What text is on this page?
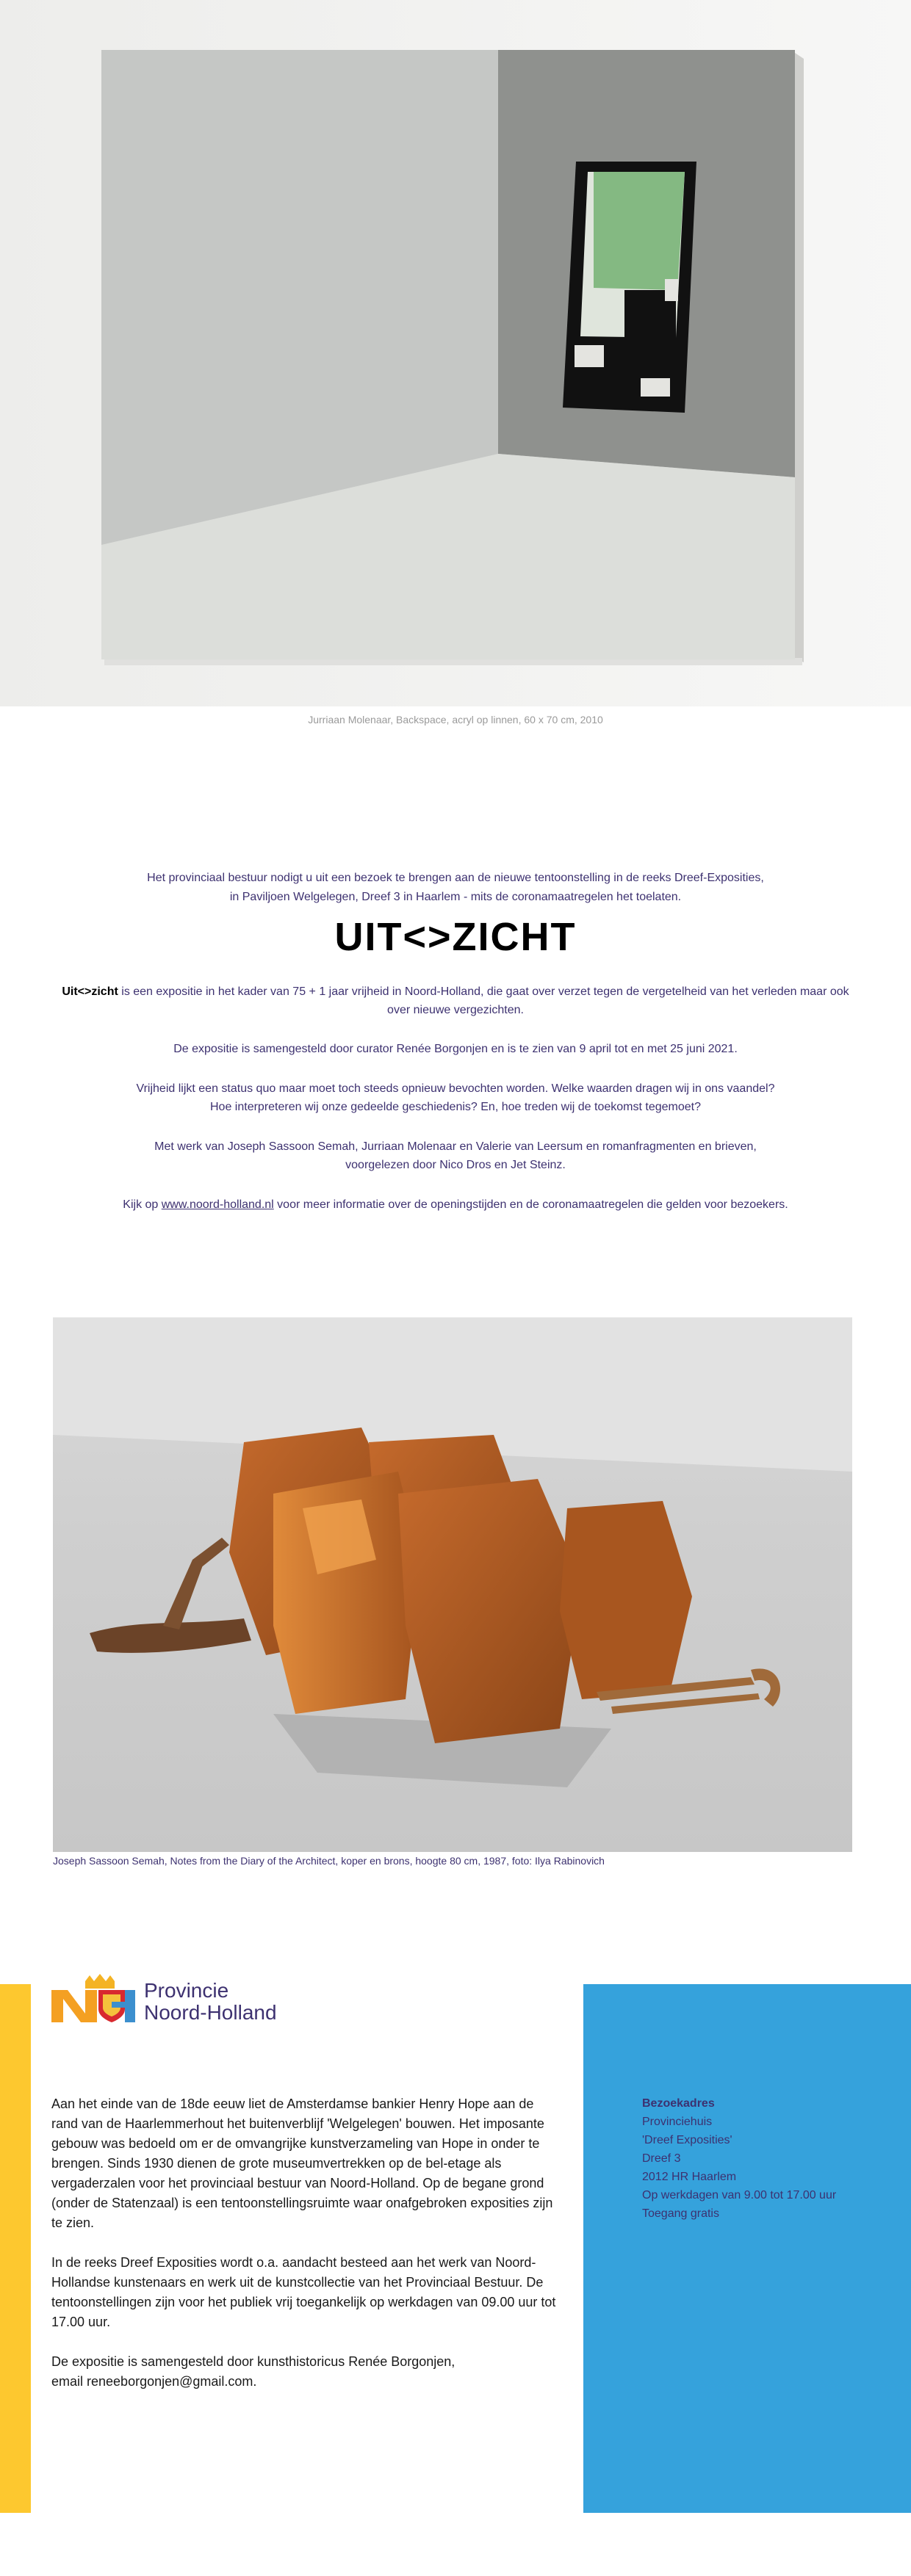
Jurriaan Molenaar, Backspace, acryl op linnen, 60 x 70 cm, 2010
Het provinciaal bestuur nodigt u uit een bezoek te brengen aan de nieuwe tentoonstelling in de reeks Dreef-Exposities,
in Paviljoen Welgelegen, Dreef 3 in Haarlem - mits de coronamaatregelen het toelaten.
UIT<>ZICHT
Uit<>zicht is een expositie in het kader van 75 + 1 jaar vrijheid in Noord-Holland, die gaat over verzet tegen de vergetelheid van het verleden maar ook over nieuwe vergezichten.
De expositie is samengesteld door curator Renée Borgonjen en is te zien van 9 april tot en met 25 juni 2021.
Vrijheid lijkt een status quo maar moet toch steeds opnieuw bevochten worden. Welke waarden dragen wij in ons vaandel?
Hoe interpreteren wij onze gedeelde geschiedenis? En, hoe treden wij de toekomst tegemoet?
Met werk van Joseph Sassoon Semah, Jurriaan Molenaar en Valerie van Leersum en romanfragmenten en brieven,
voorgelezen door Nico Dros en Jet Steinz.
Kijk op www.noord-holland.nl voor meer informatie over de openingstijden en de coronamaatregelen die gelden voor bezoekers.
Joseph Sassoon Semah, Notes from the Diary of the Architect, koper en brons, hoogte 80 cm, 1987, foto: Ilya Rabinovich
Provincie
Noord-Holland

Aan het einde van de 18de eeuw liet de Amsterdamse bankier Henry Hope aan de rand van de Haarlemmerhout het buitenverblijf 'Welgelegen' bouwen. Het imposante gebouw was bedoeld om er de omvangrijke kunstverzameling van Hope in onder te brengen. Sinds 1930 dienen de grote museumvertrekken op de bel-etage als vergaderzalen voor het provinciaal bestuur van Noord-Holland. Op de begane grond (onder de Statenzaal) is een tentoonstellingsruimte waar onafgebroken exposities zijn te zien.

In de reeks Dreef Exposities wordt o.a. aandacht besteed aan het werk van Noord-Hollandse kunstenaars en werk uit de kunstcollectie van het Provinciaal Bestuur. De tentoonstellingen zijn voor het publiek vrij toegankelijk op werkdagen van 09.00 uur tot 17.00 uur.

De expositie is samengesteld door kunsthistoricus Renée Borgonjen,
email reneeborgonjen@gmail.com.

Bezoekadres
Provinciehuis
'Dreef Exposities'
Dreef 3
2012 HR Haarlem
Op werkdagen van 9.00 tot 17.00 uur
Toegang gratis
